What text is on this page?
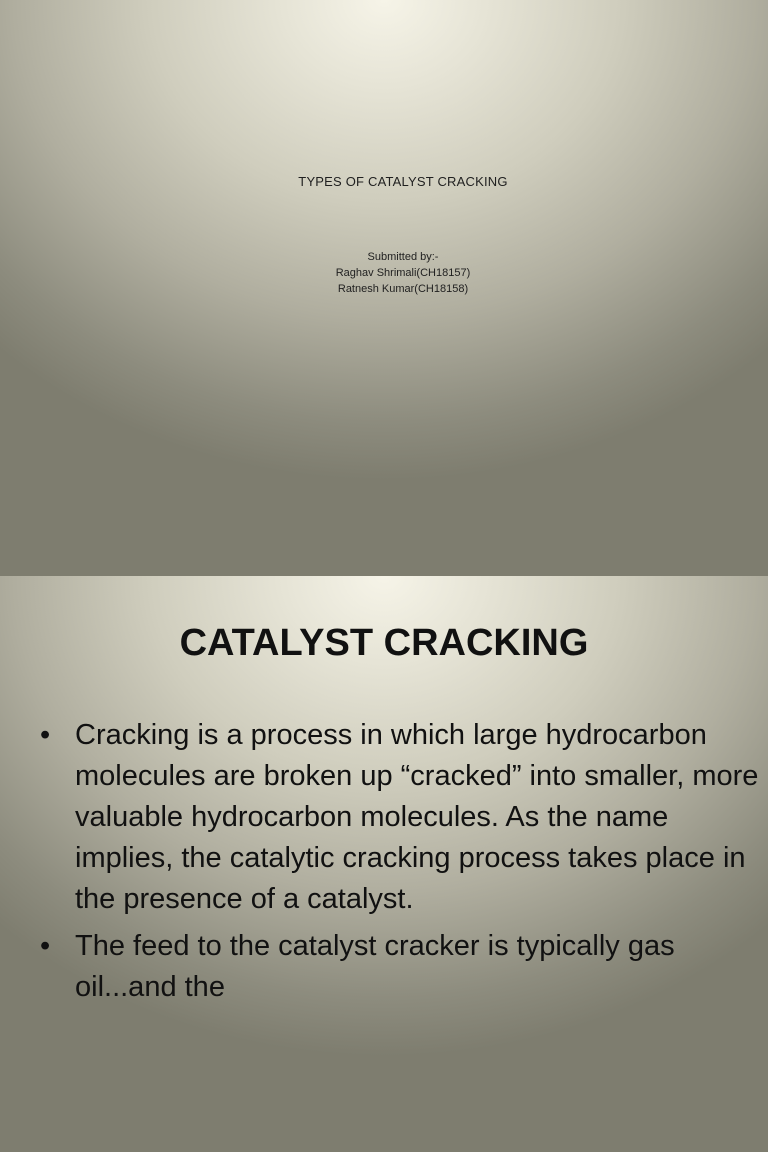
TYPES OF CATALYST CRACKING
Submitted by:-
Raghav Shrimali(CH18157)
Ratnesh Kumar(CH18158)
CATALYST CRACKING
• Cracking is a process in which large hydrocarbon molecules are broken up “cracked” into smaller, more valuable hydrocarbon molecules. As the name implies, the catalytic cracking process takes place in the presence of a catalyst.
• The feed to the catalyst cracker is typically gas oil...and the
